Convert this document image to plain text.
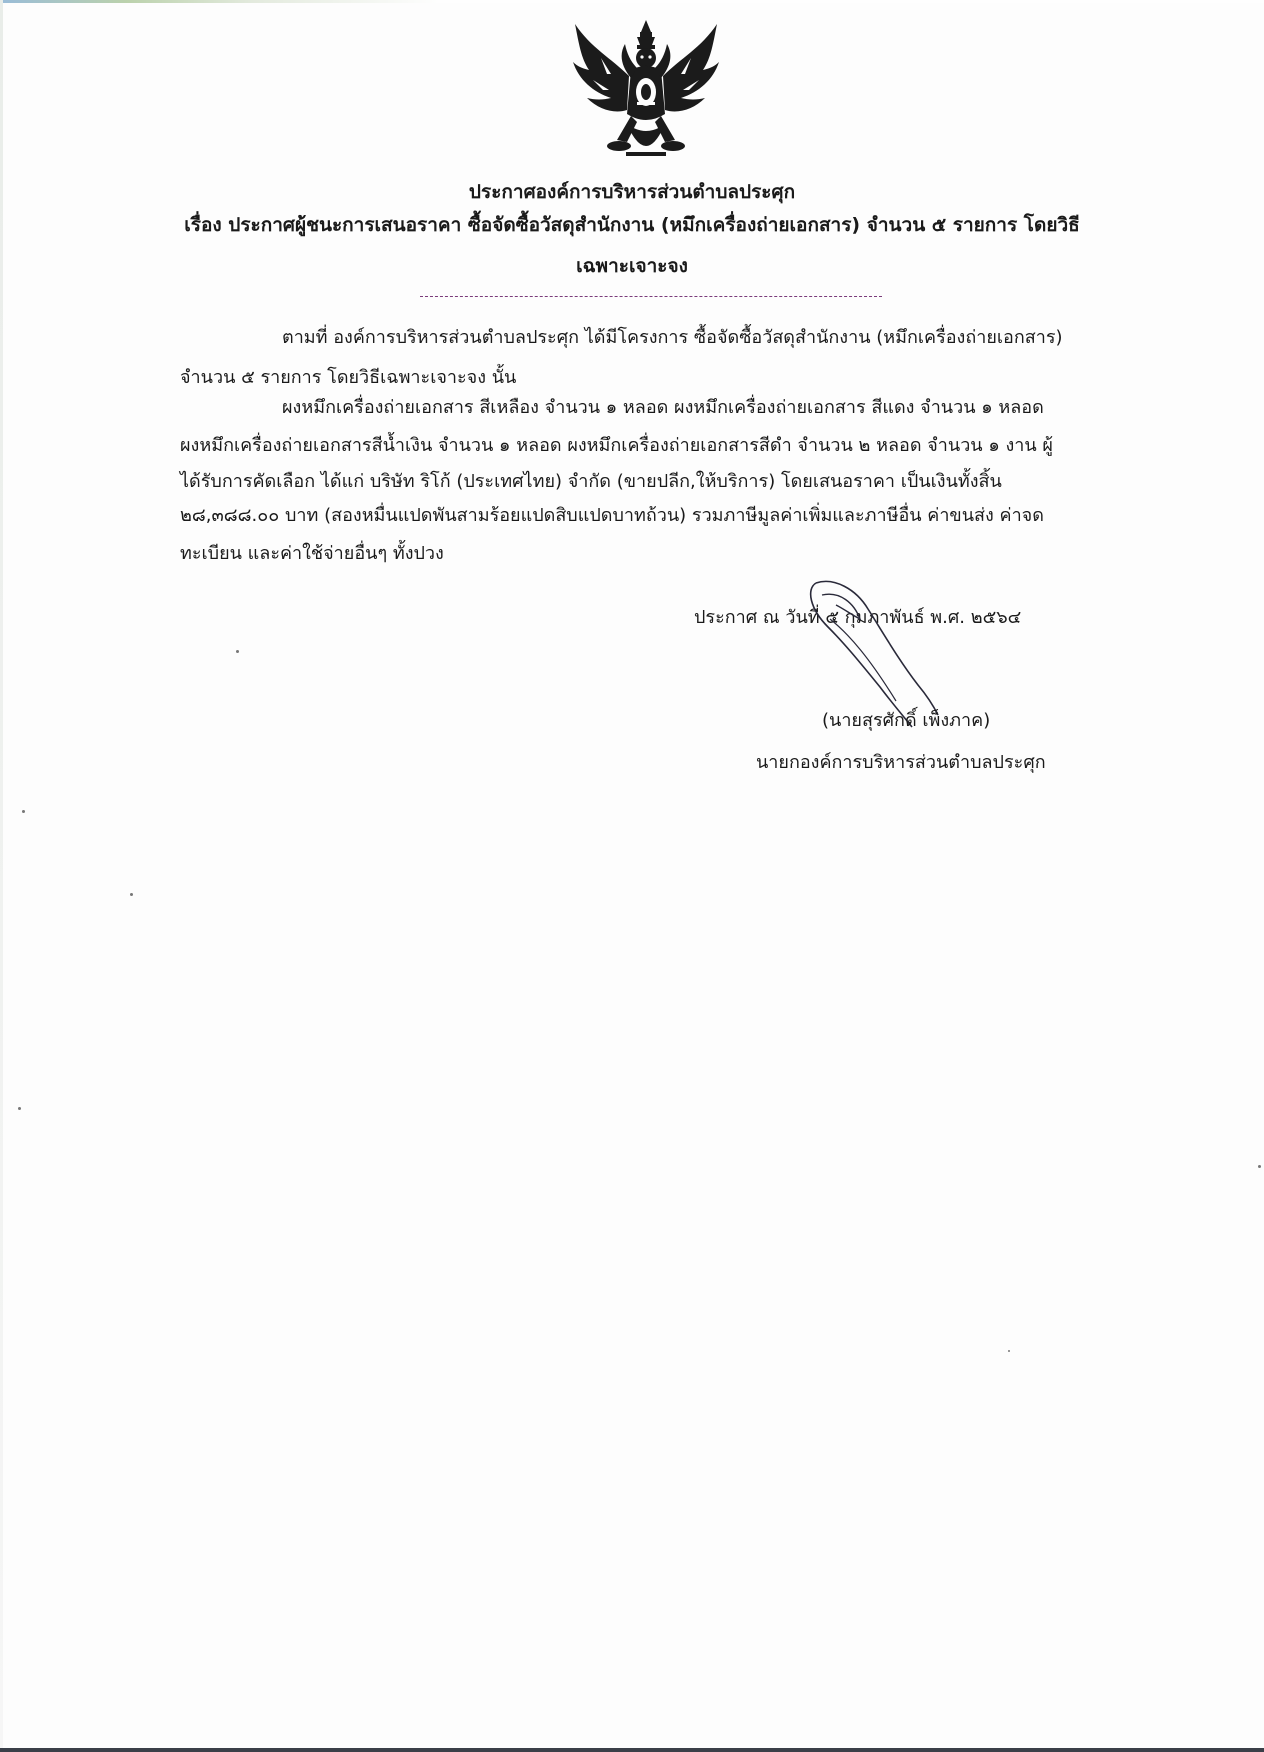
ประกาศองค์การบริหารส่วนตำบลประศุก
เรื่อง ประกาศผู้ชนะการเสนอราคา ซื้อจัดซื้อวัสดุสำนักงาน (หมึกเครื่องถ่ายเอกสาร) จำนวน ๕ รายการ โดยวิธี
เฉพาะเจาะจง
ตามที่ องค์การบริหารส่วนตำบลประศุก ได้มีโครงการ ซื้อจัดซื้อวัสดุสำนักงาน (หมึกเครื่องถ่ายเอกสาร)
จำนวน ๕ รายการ โดยวิธีเฉพาะเจาะจง นั้น
ผงหมึกเครื่องถ่ายเอกสาร สีเหลือง จำนวน ๑ หลอด ผงหมึกเครื่องถ่ายเอกสาร สีแดง จำนวน ๑ หลอด
ผงหมึกเครื่องถ่ายเอกสารสีน้ำเงิน จำนวน ๑ หลอด ผงหมึกเครื่องถ่ายเอกสารสีดำ จำนวน ๒ หลอด จำนวน ๑ งาน ผู้
ได้รับการคัดเลือก ได้แก่ บริษัท ริโก้ (ประเทศไทย) จำกัด (ขายปลีก,ให้บริการ) โดยเสนอราคา เป็นเงินทั้งสิ้น
๒๘,๓๘๘.๐๐ บาท (สองหมื่นแปดพันสามร้อยแปดสิบแปดบาทถ้วน) รวมภาษีมูลค่าเพิ่มและภาษีอื่น ค่าขนส่ง ค่าจด
ทะเบียน และค่าใช้จ่ายอื่นๆ ทั้งปวง
ประกาศ ณ วันที่ ๕ กุมภาพันธ์ พ.ศ. ๒๕๖๔
(นายสุรศักดิ์ เพ็งภาค)
นายกองค์การบริหารส่วนตำบลประศุก
